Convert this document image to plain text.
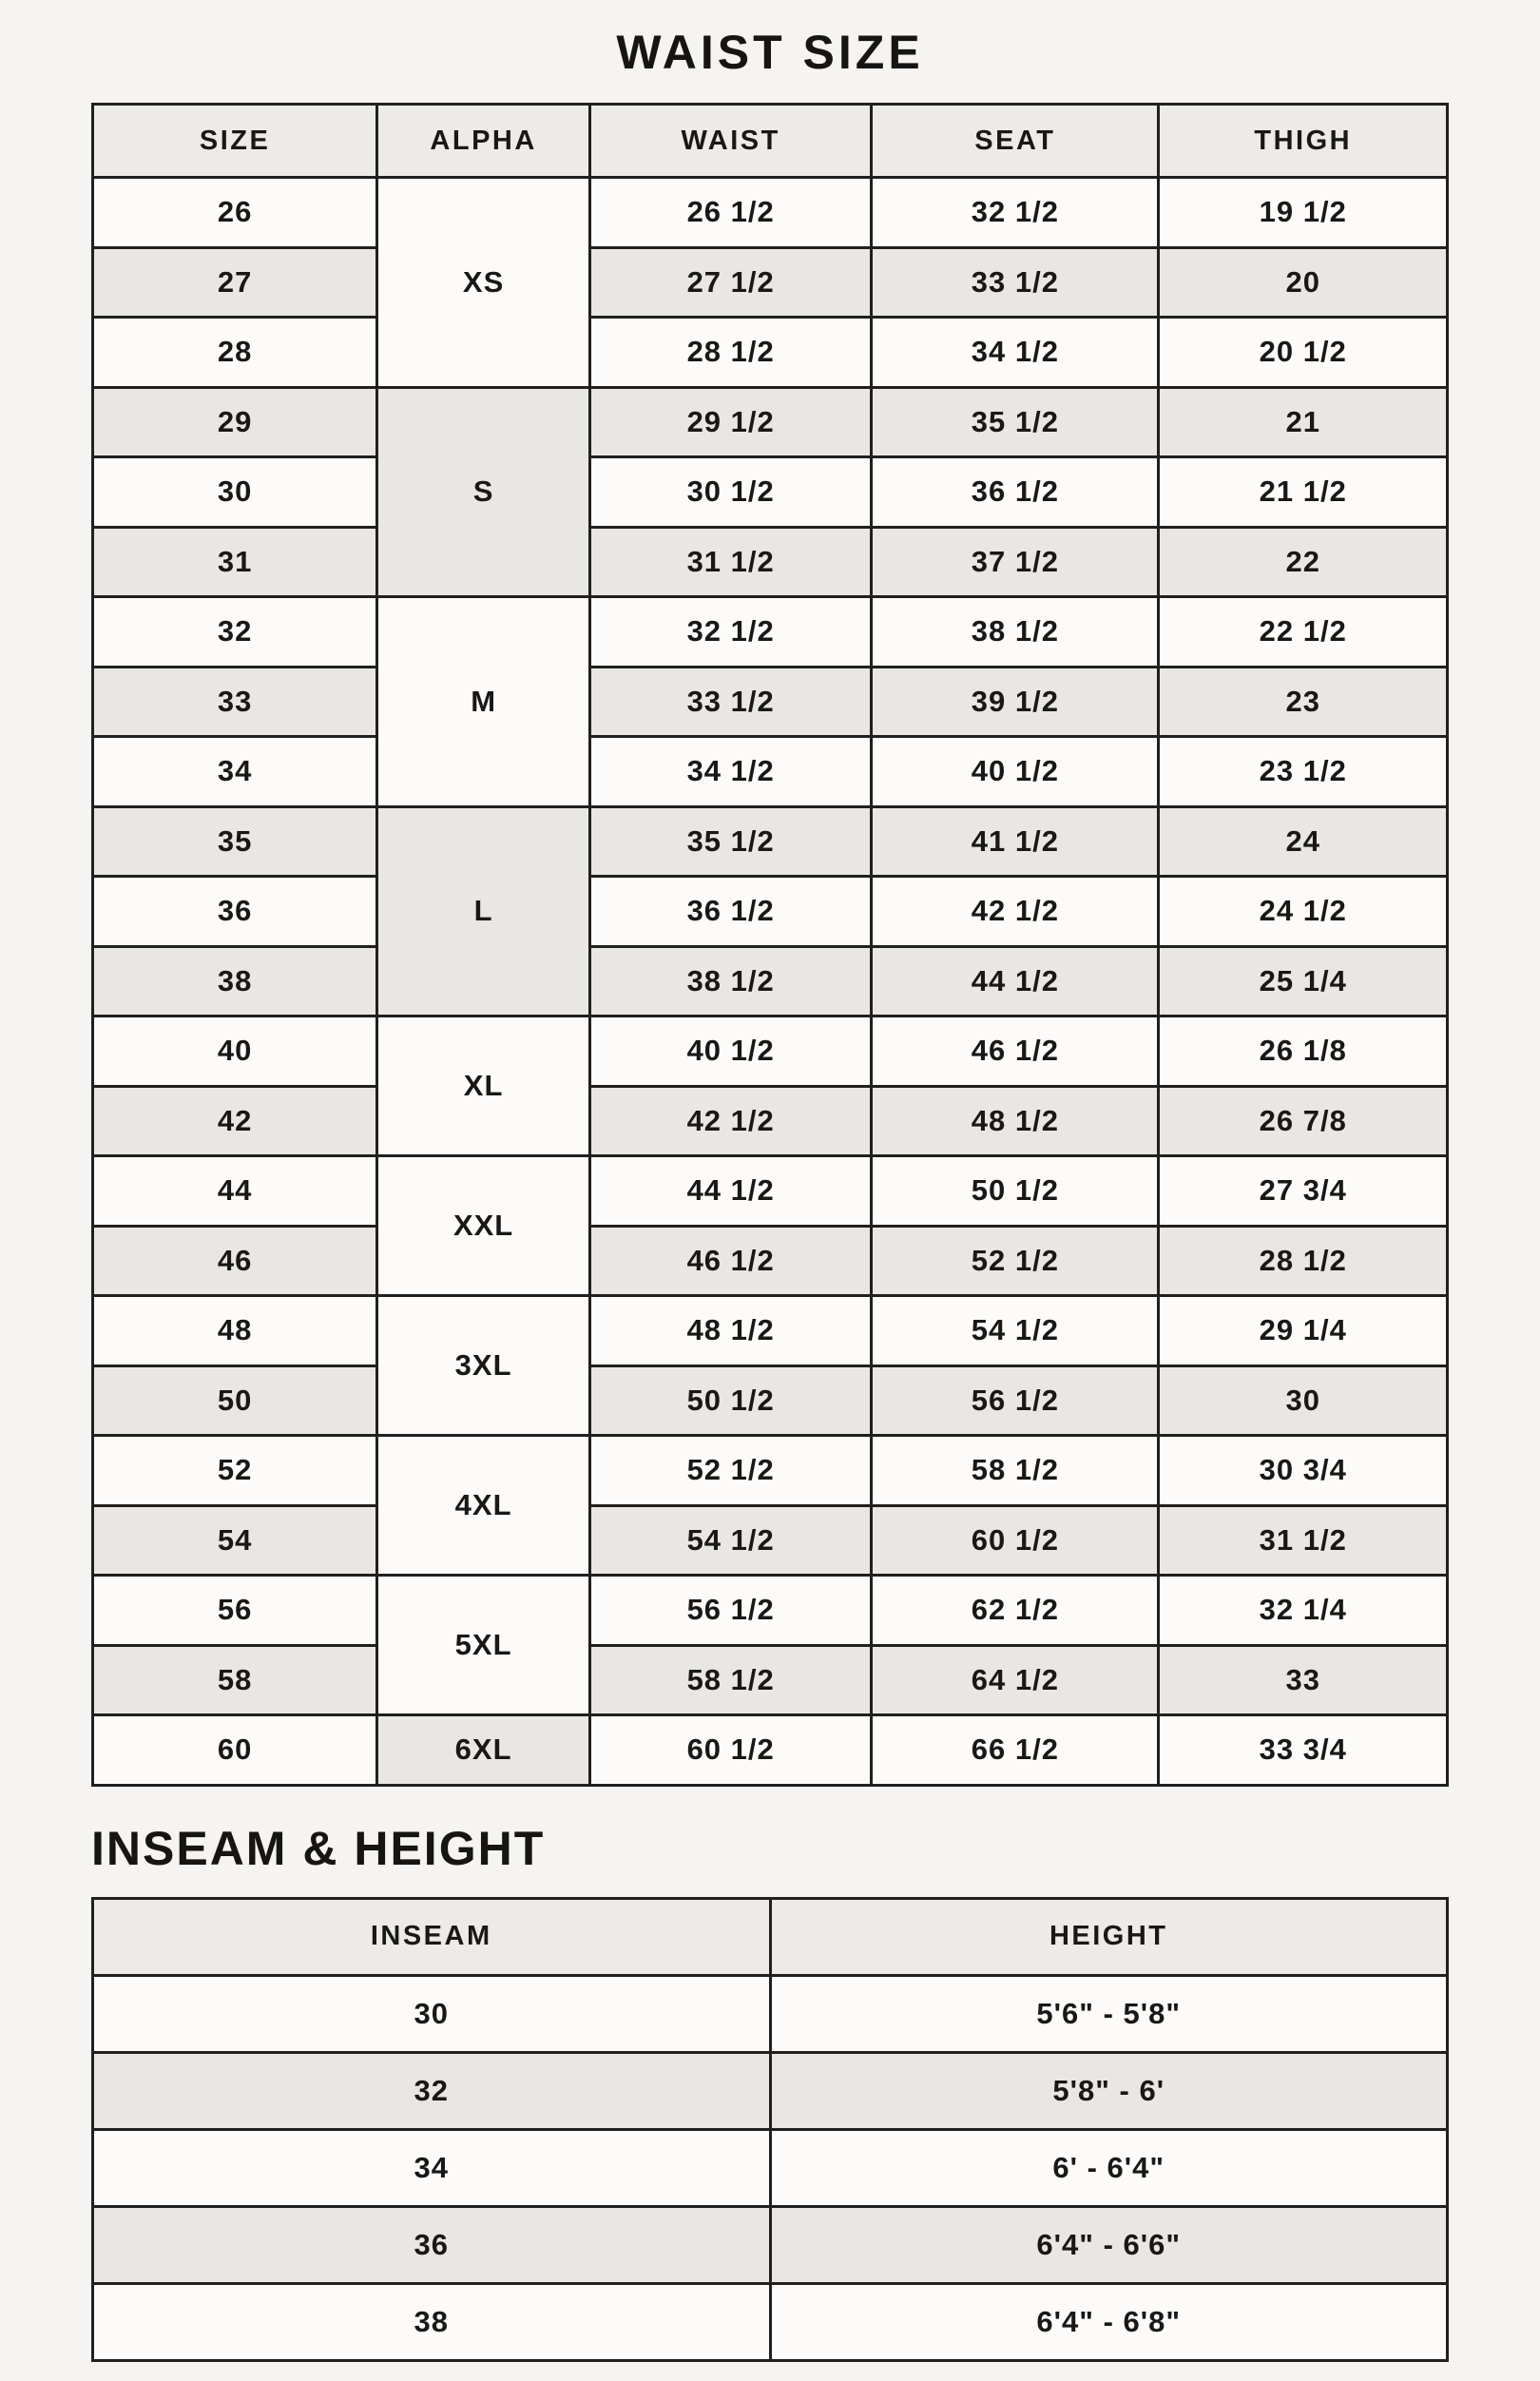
WAIST SIZE
SIZE	ALPHA	WAIST	SEAT	THIGH
26	XS	26 1/2	32 1/2	19 1/2
27		27 1/2	33 1/2	20
28		28 1/2	34 1/2	20 1/2
29	S	29 1/2	35 1/2	21
30		30 1/2	36 1/2	21 1/2
31		31 1/2	37 1/2	22
32	M	32 1/2	38 1/2	22 1/2
33		33 1/2	39 1/2	23
34		34 1/2	40 1/2	23 1/2
35	L	35 1/2	41 1/2	24
36		36 1/2	42 1/2	24 1/2
38		38 1/2	44 1/2	25 1/4
40	XL	40 1/2	46 1/2	26 1/8
42		42 1/2	48 1/2	26 7/8
44	XXL	44 1/2	50 1/2	27 3/4
46		46 1/2	52 1/2	28 1/2
48	3XL	48 1/2	54 1/2	29 1/4
50		50 1/2	56 1/2	30
52	4XL	52 1/2	58 1/2	30 3/4
54		54 1/2	60 1/2	31 1/2
56	5XL	56 1/2	62 1/2	32 1/4
58		58 1/2	64 1/2	33
60	6XL	60 1/2	66 1/2	33 3/4
INSEAM & HEIGHT
INSEAM	HEIGHT
30	5'6" - 5'8"
32	5'8" - 6'
34	6' - 6'4"
36	6'4" - 6'6"
38	6'4" - 6'8"
